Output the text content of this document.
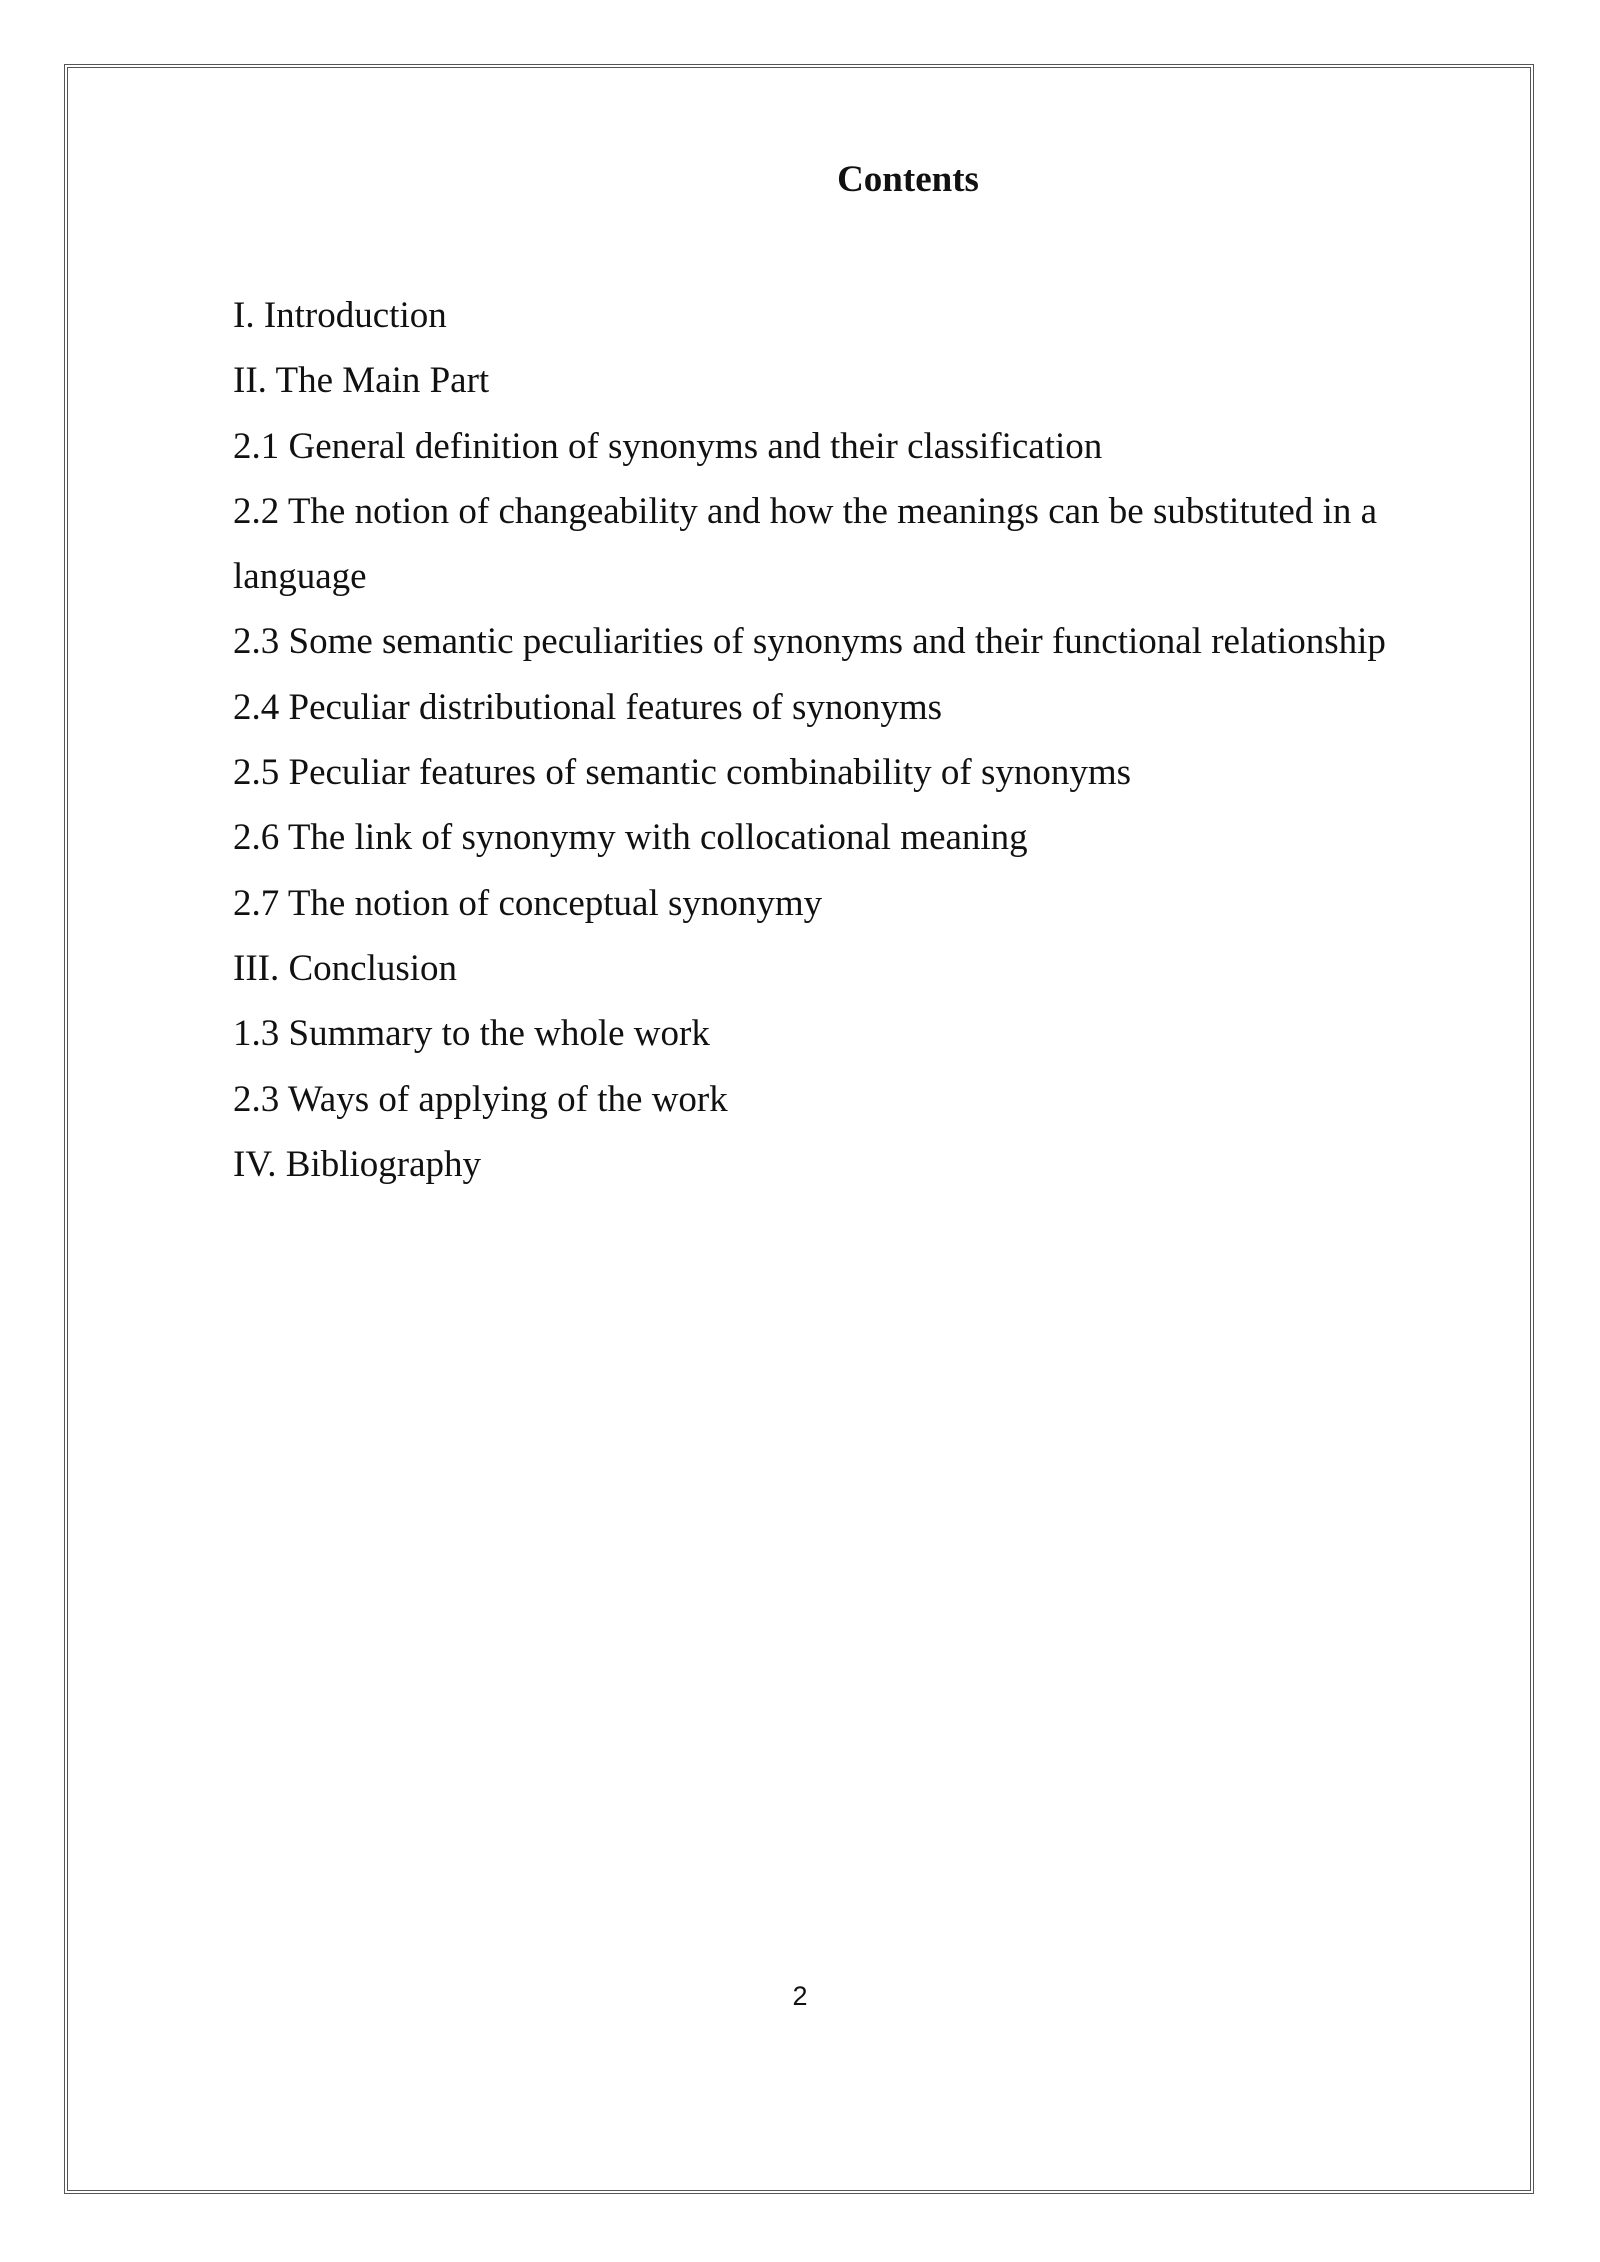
Contents
I. Introduction
II. The Main Part
2.1 General definition of synonyms and their classification
2.2 The notion of changeability and how the meanings can be substituted in a language
2.3 Some semantic peculiarities of synonyms and their functional relationship
2.4 Peculiar distributional features of synonyms
2.5 Peculiar features of semantic combinability of synonyms
2.6 The link of synonymy with collocational meaning
2.7 The notion of conceptual synonymy
III. Conclusion
1.3 Summary to the whole work
2.3 Ways of applying of the work
IV. Bibliography
2
